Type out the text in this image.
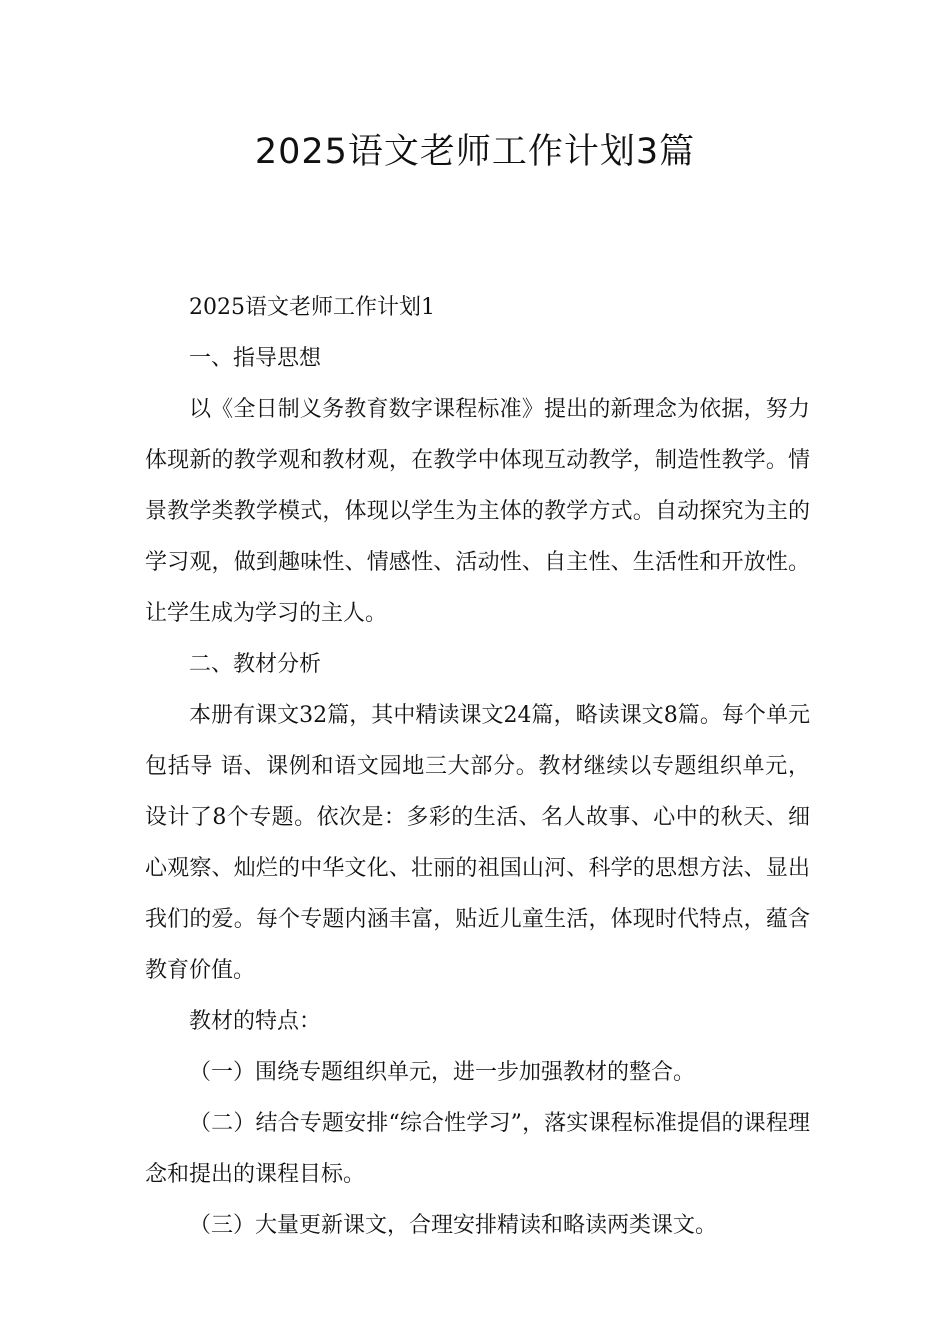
2025语文老师工作计划3篇

2025语文老师工作计划1

一、指导思想

以《全日制义务教育数字课程标准》提出的新理念为依据，努力体现新的教学观和教材观，在教学中体现互动教学，制造性教学。情景教学类教学模式，体现以学生为主体的教学方式。自动探究为主的学习观，做到趣味性、情感性、活动性、自主性、生活性和开放性。让学生成为学习的主人。

二、教材分析

本册有课文32篇，其中精读课文24篇，略读课文8篇。每个单元包括导 语、课例和语文园地三大部分。教材继续以专题组织单元，设计了8个专题。依次是：多彩的生活、名人故事、心中的秋天、细心观察、灿烂的中华文化、壮丽的祖国山河、科学的思想方法、显出我们的爱。每个专题内涵丰富，贴近儿童生活，体现时代特点，蕴含教育价值。

教材的特点：

（一）围绕专题组织单元，进一步加强教材的整合。

（二）结合专题安排“综合性学习”，落实课程标准提倡的课程理念和提出的课程目标。

（三）大量更新课文，合理安排精读和略读两类课文。
